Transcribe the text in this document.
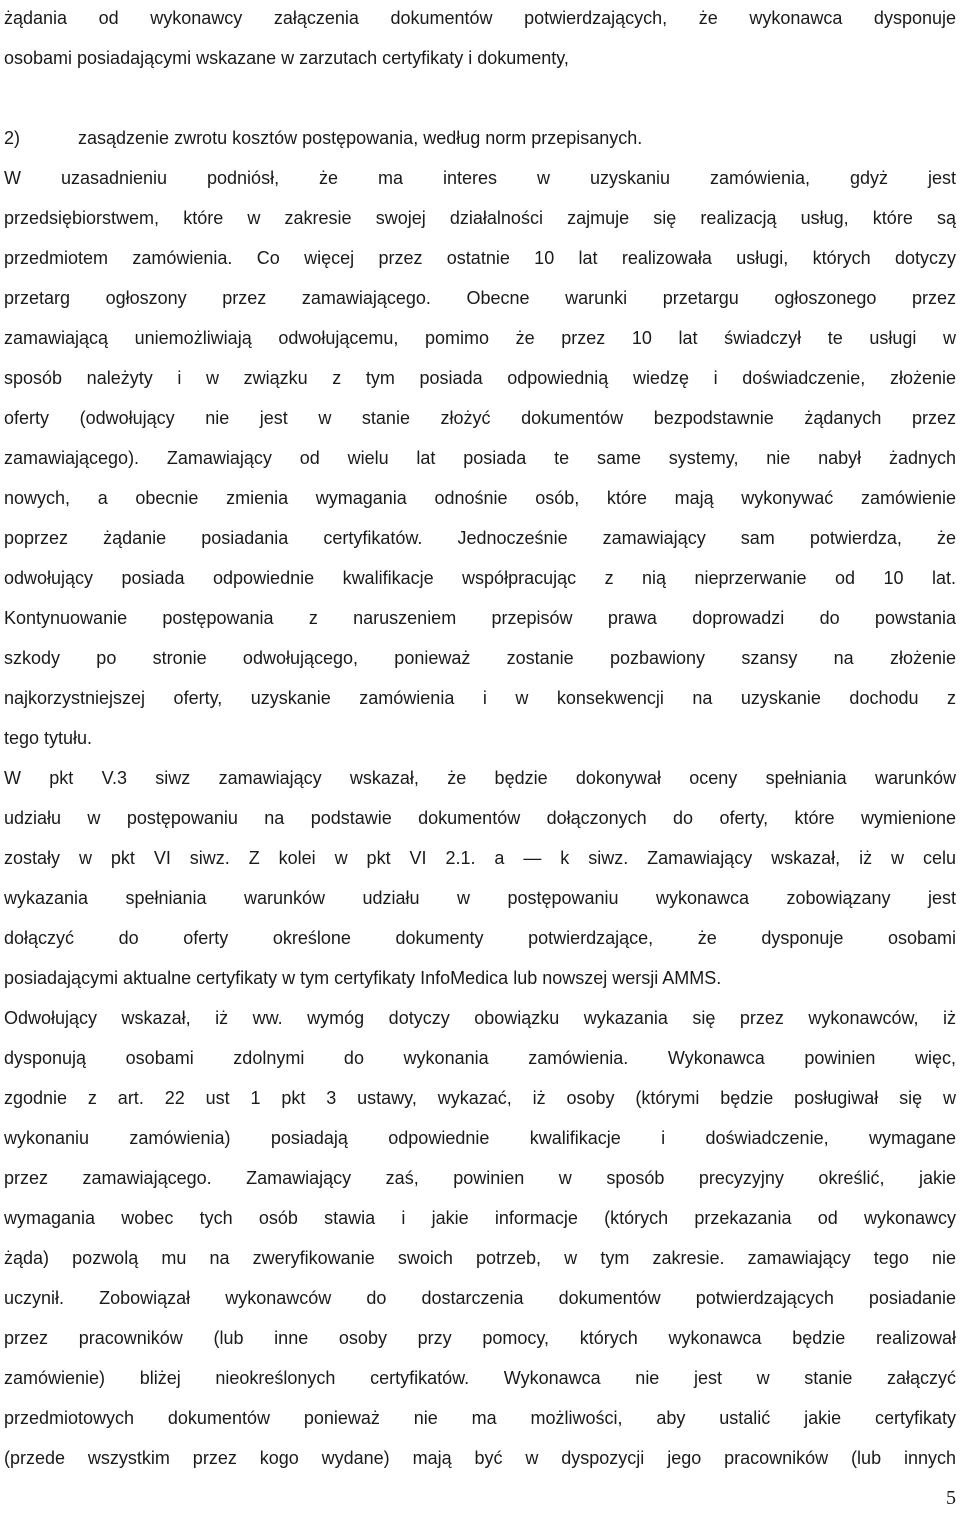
żądania od wykonawcy załączenia dokumentów potwierdzających, że wykonawca dysponuje
osobami posiadającymi wskazane w zarzutach certyfikaty i dokumenty,
2)	zasądzenie zwrotu kosztów postępowania, według norm przepisanych.
W uzasadnieniu podniósł, że ma interes w uzyskaniu zamówienia, gdyż jest
przedsiębiorstwem, które w zakresie swojej działalności zajmuje się realizacją usług, które są
przedmiotem zamówienia. Co więcej przez ostatnie 10 lat realizowała usługi, których dotyczy
przetarg ogłoszony przez zamawiającego. Obecne warunki przetargu ogłoszonego przez
zamawiającą uniemożliwiają odwołującemu, pomimo że przez 10 lat świadczył te usługi w
sposób należyty i w związku z tym posiada odpowiednią wiedzę i doświadczenie, złożenie
oferty (odwołujący nie jest w stanie złożyć dokumentów bezpodstawnie żądanych przez
zamawiającego). Zamawiający od wielu lat posiada te same systemy, nie nabył żadnych
nowych, a obecnie zmienia wymagania odnośnie osób, które mają wykonywać zamówienie
poprzez żądanie posiadania certyfikatów. Jednocześnie zamawiający sam potwierdza, że
odwołujący posiada odpowiednie kwalifikacje współpracując z nią nieprzerwanie od 10 lat.
Kontynuowanie postępowania z naruszeniem przepisów prawa doprowadzi do powstania
szkody po stronie odwołującego, ponieważ zostanie pozbawiony szansy na złożenie
najkorzystniejszej oferty, uzyskanie zamówienia i w konsekwencji na uzyskanie dochodu z
tego tytułu.
W pkt V.3 siwz zamawiający wskazał, że będzie dokonywał oceny spełniania warunków
udziału w postępowaniu na podstawie dokumentów dołączonych do oferty, które wymienione
zostały w pkt VI siwz. Z kolei w pkt VI 2.1. a — k siwz. Zamawiający wskazał, iż w celu
wykazania spełniania warunków udziału w postępowaniu wykonawca zobowiązany jest
dołączyć do oferty określone dokumenty potwierdzające, że dysponuje osobami
posiadającymi aktualne certyfikaty w tym certyfikaty InfoMedica lub nowszej wersji AMMS.
Odwołujący wskazał, iż ww. wymóg dotyczy obowiązku wykazania się przez wykonawców, iż
dysponują osobami zdolnymi do wykonania zamówienia. Wykonawca powinien więc,
zgodnie z art. 22 ust 1 pkt 3 ustawy, wykazać, iż osoby (którymi będzie posługiwał się w
wykonaniu zamówienia) posiadają odpowiednie kwalifikacje i doświadczenie, wymagane
przez zamawiającego. Zamawiający zaś, powinien w sposób precyzyjny określić, jakie
wymagania wobec tych osób stawia i jakie informacje (których przekazania od wykonawcy
żąda) pozwolą mu na zweryfikowanie swoich potrzeb, w tym zakresie. zamawiający tego nie
uczynił. Zobowiązał wykonawców do dostarczenia dokumentów potwierdzających posiadanie
przez pracowników (lub inne osoby przy pomocy, których wykonawca będzie realizował
zamówienie) bliżej nieokreślonych certyfikatów. Wykonawca nie jest w stanie załączyć
przedmiotowych dokumentów ponieważ nie ma możliwości, aby ustalić jakie certyfikaty
(przede wszystkim przez kogo wydane) mają być w dyspozycji jego pracowników (lub innych
5
